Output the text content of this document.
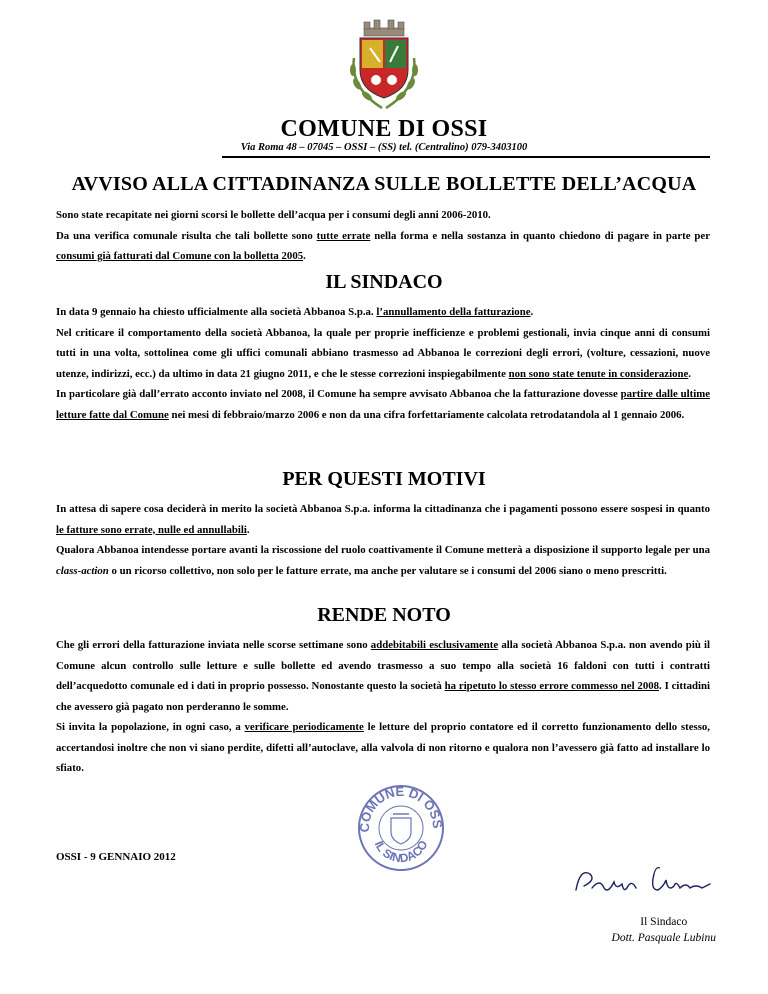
COMUNE DI OSSI
Via Roma 48 – 07045 – OSSI – (SS) tel. (Centralino) 079-3403100
AVVISO ALLA CITTADINANZA SULLE BOLLETTE DELL’ACQUA

Sono state recapitate nei giorni scorsi le bollette dell’acqua per i consumi degli anni 2006-2010.

Da una verifica comunale risulta che tali bollette sono tutte errate nella forma e nella sostanza in quanto chiedono di pagare in parte per consumi già fatturati dal Comune con la bolletta 2005.

IL SINDACO

In data 9 gennaio ha chiesto ufficialmente alla società Abbanoa S.p.a. l’annullamento della fatturazione.

Nel criticare il comportamento della società Abbanoa, la quale per proprie inefficienze e problemi gestionali, invia cinque anni di consumi tutti in una volta, sottolinea come gli uffici comunali abbiano trasmesso ad Abbanoa le correzioni degli errori, (volture, cessazioni, nuove utenze, indirizzi, ecc.) da ultimo in data 21 giugno 2011, e che le stesse correzioni inspiegabilmente non sono state tenute in considerazione.

In particolare già dall’errato acconto inviato nel 2008, il Comune ha sempre avvisato Abbanoa che la fatturazione dovesse partire dalle ultime letture fatte dal Comune nei mesi di febbraio/marzo 2006 e non da una cifra forfettariamente calcolata retrodatandola al 1 gennaio 2006.

PER QUESTI MOTIVI

In attesa di sapere cosa deciderà in merito la società Abbanoa S.p.a. informa la cittadinanza che i pagamenti possono essere sospesi in quanto le fatture sono errate, nulle ed annullabili.

Qualora Abbanoa intendesse portare avanti la riscossione del ruolo coattivamente il Comune metterà a disposizione il supporto legale per una class-action o un ricorso collettivo, non solo per le fatture errate, ma anche per valutare se i consumi del 2006 siano o meno prescritti.

RENDE NOTO

Che gli errori della fatturazione inviata nelle scorse settimane sono addebitabili esclusivamente alla società Abbanoa S.p.a. non avendo più il Comune alcun controllo sulle letture e sulle bollette ed avendo trasmesso a suo tempo alla società 16 faldoni con tutti i contratti dell’acquedotto comunale ed i dati in proprio possesso. Nonostante questo la società ha ripetuto lo stesso errore commesso nel 2008. I cittadini che avessero già pagato non perderanno le somme.

Si invita la popolazione, in ogni caso, a verificare periodicamente le letture del proprio contatore ed il corretto funzionamento dello stesso, accertandosi inoltre che non vi siano perdite, difetti all’autoclave, alla valvola di non ritorno e qualora non l’avessero già fatto ad installare lo sfiato.

COMUNE DI OSS
IL SINDACO
OSSI - 9 GENNAIO 2012
Il Sindaco
Dott. Pasquale Lubinu
